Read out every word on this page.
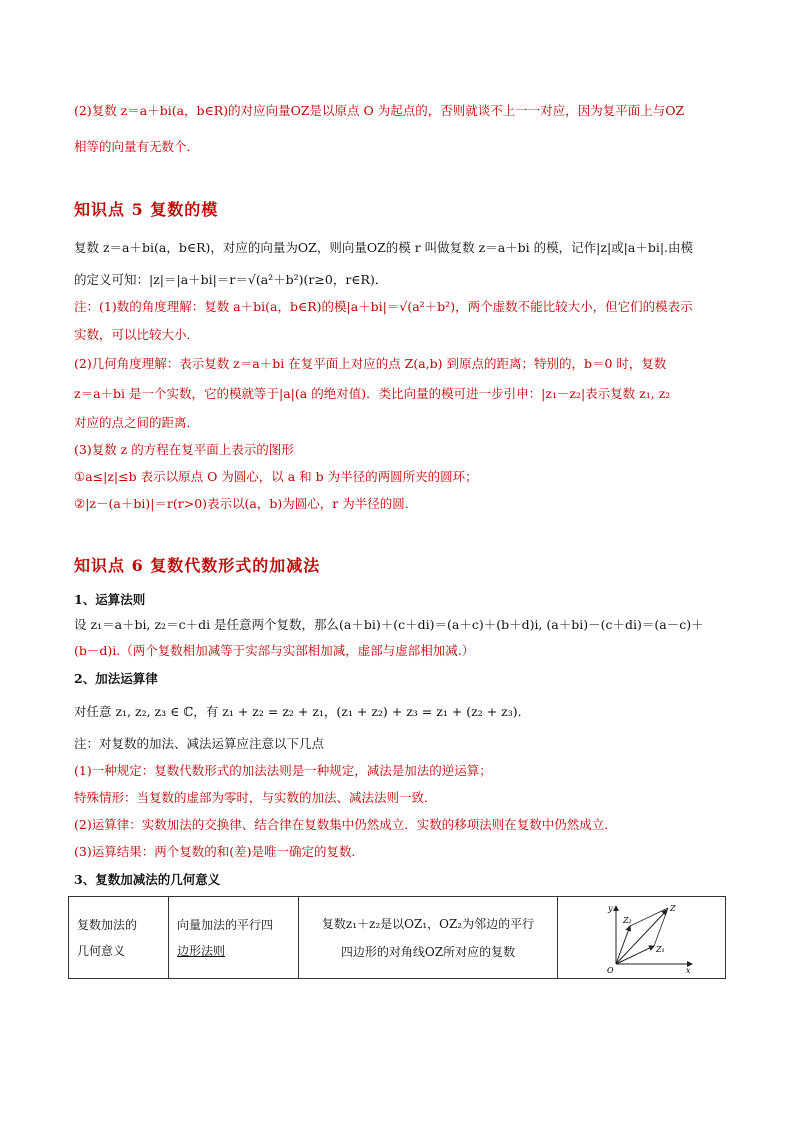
(2)复数 z＝a＋bi(a，b∈R)的对应向量OZ是以原点 O 为起点的，否则就谈不上一一对应，因为复平面上与OZ
相等的向量有无数个．
知识点 5 复数的模
复数 z＝a＋bi(a，b∈R)，对应的向量为OZ，则向量OZ的模 r 叫做复数 z＝a＋bi 的模，记作|z|或|a＋bi|.由模
的定义可知：|z|＝|a＋bi|＝r＝√(a²＋b²)(r≥0，r∈R)．
注：(1)数的角度理解：复数 a＋bi(a，b∈R)的模|a＋bi|＝√(a²＋b²)，两个虚数不能比较大小，但它们的模表示
实数，可以比较大小．
(2)几何角度理解：表示复数 z＝a＋bi 在复平面上对应的点 Z(a,b) 到原点的距离；特别的，b＝0 时，复数
z＝a＋bi 是一个实数，它的模就等于|a|(a 的绝对值)．类比向量的模可进一步引申：|z₁－z₂|表示复数 z₁, z₂
对应的点之间的距离．
(3)复数 z 的方程在复平面上表示的图形
①a≤|z|≤b 表示以原点 O 为圆心，以 a 和 b 为半径的两圆所夹的圆环；
②|z－(a＋bi)|＝r(r>0)表示以(a，b)为圆心，r 为半径的圆．
知识点 6 复数代数形式的加减法
1、运算法则
设 z₁＝a＋bi, z₂＝c＋di 是任意两个复数，那么(a＋bi)＋(c＋di)＝(a＋c)＋(b＋d)i, (a＋bi)－(c＋di)＝(a－c)＋
(b－d)i.（两个复数相加减等于实部与实部相加减，虚部与虚部相加减.）
2、加法运算律
对任意 z₁, z₂, z₃ ∈ ℂ，有 z₁ + z₂ = z₂ + z₁，(z₁ + z₂) + z₃ = z₁ + (z₂ + z₃)．
注：对复数的加法、减法运算应注意以下几点
(1)一种规定：复数代数形式的加法法则是一种规定，减法是加法的逆运算；
特殊情形：当复数的虚部为零时，与实数的加法、减法法则一致．
(2)运算律：实数加法的交换律、结合律在复数集中仍然成立．实数的移项法则在复数中仍然成立．
(3)运算结果：两个复数的和(差)是唯一确定的复数．
3、复数加减法的几何意义
复数加法的
几何意义

向量加法的平行四
边形法则

复数z₁＋z₂是以OZ₁，OZ₂为邻边的平行
四边形的对角线OZ所对应的复数

y
x
O
Z
Z₁
Z₂
